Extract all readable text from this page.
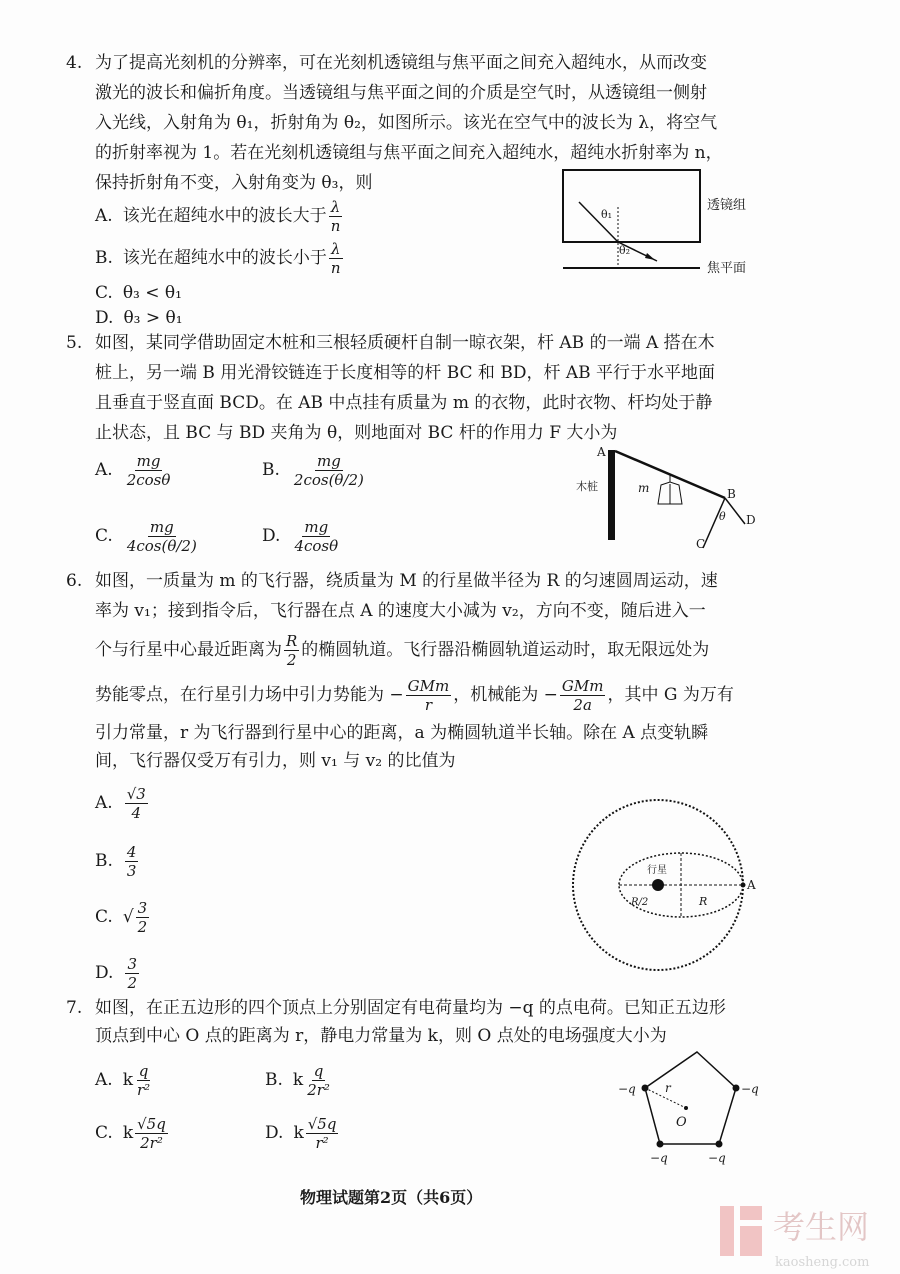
4. 为了提高光刻机的分辨率，可在光刻机透镜组与焦平面之间充入超纯水，从而改变
激光的波长和偏折角度。当透镜组与焦平面之间的介质是空气时，从透镜组一侧射
入光线，入射角为 θ₁，折射角为 θ₂，如图所示。该光在空气中的波长为 λ，将空气
的折射率视为 1。若在光刻机透镜组与焦平面之间充入超纯水，超纯水折射率为 n，
保持折射角不变，入射角变为 θ₃，则
A. 该光在超纯水中的波长大于 $\frac{\lambda}{n}$
B. 该光在超纯水中的波长小于 $\frac{\lambda}{n}$
C. θ₃ < θ₁
D. θ₃ > θ₁
5. 如图，某同学借助固定木桩和三根轻质硬杆自制一晾衣架，杆 AB 的一端 A 搭在木
桩上，另一端 B 用光滑铰链连于长度相等的杆 BC 和 BD，杆 AB 平行于水平地面
且垂直于竖直面 BCD。在 AB 中点挂有质量为 m 的衣物，此时衣物、杆均处于静
止状态，且 BC 与 BD 夹角为 θ，则地面对 BC 杆的作用力 F 大小为
A. $\frac{mg}{2\cos\theta}$	B. $\frac{mg}{2\cos(\theta/2)}$
C. $\frac{mg}{4\cos(\theta/2)}$	D. $\frac{mg}{4\cos\theta}$
6. 如图，一质量为 m 的飞行器，绕质量为 M 的行星做半径为 R 的匀速圆周运动，速
率为 v₁；接到指令后，飞行器在点 A 的速度大小减为 v₂，方向不变，随后进入一
个与行星中心最近距离为 $\frac{R}{2}$ 的椭圆轨道。飞行器沿椭圆轨道运动时，取无限远处为
势能零点，在行星引力场中引力势能为 − $\frac{\text{GMm}}{r}$ ，机械能为 − $\frac{\text{GMm}}{2a}$ ，其中 G 为万有
引力常量，r 为飞行器到行星中心的距离，a 为椭圆轨道半长轴。除在 A 点变轨瞬
间，飞行器仅受万有引力，则 v₁ 与 v₂ 的比值为
A. $\frac{√3}{4}$
B. $\frac{4}{3}$
C. √ $\frac{3}{2}$
D. $\frac{3}{2}$
7. 如图，在正五边形的四个顶点上分别固定有电荷量均为 −q 的点电荷。已知正五边形
顶点到中心 O 点的距离为 r，静电力常量为 k，则 O 点处的电场强度大小为
A. k $\frac{q}{\text{r²}}$	B. k $\frac{q}{\text{2r²}}$
C. k $\frac{√5q}{\text{2r²}}$	D. k $\frac{√5q}{\text{r²}}$
θ₁
θ₂
透镜组
焦平面
A
B
C
D
木桩	m
θ
行星
A
R/2	R
−q	−q
−q	−q
r
O
物理试题第2页（共6页）
考生网
kaosheng.com
